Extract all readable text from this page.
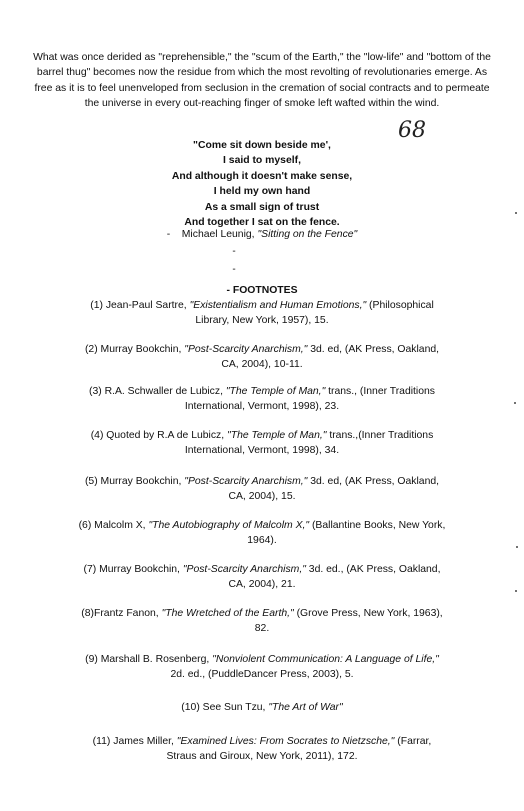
What was once derided as "reprehensible," the "scum of the Earth," the "low-life" and "bottom of the barrel thug" becomes now the residue from which the most revolting of revolutionaries emerge. As free as it is to feel unenveloped from seclusion in the cremation of social contracts and to permeate the universe in every out-reaching finger of smoke left wafted within the wind.

68
"Come sit down beside me',
I said to myself,
And although it doesn't make sense,
I held my own hand
As a small sign of trust
And together I sat on the fence.
- Michael Leunig, "Sitting on the Fence"
-
-
- FOOTNOTES

(1) Jean-Paul Sartre, "Existentialism and Human Emotions," (Philosophical Library, New York, 1957), 15.

(2) Murray Bookchin, "Post-Scarcity Anarchism," 3d. ed, (AK Press, Oakland, CA, 2004), 10-11.

(3) R.A. Schwaller de Lubicz, "The Temple of Man," trans., (Inner Traditions International, Vermont, 1998), 23.

(4) Quoted by R.A de Lubicz, "The Temple of Man," trans.,(Inner Traditions International, Vermont, 1998), 34.

(5) Murray Bookchin, "Post-Scarcity Anarchism," 3d. ed, (AK Press, Oakland, CA, 2004), 15.

(6) Malcolm X, "The Autobiography of Malcolm X," (Ballantine Books, New York, 1964).

(7) Murray Bookchin, "Post-Scarcity Anarchism," 3d. ed., (AK Press, Oakland, CA, 2004), 21.

(8)Frantz Fanon, "The Wretched of the Earth," (Grove Press, New York, 1963), 82.

(9) Marshall B. Rosenberg, "Nonviolent Communication: A Language of Life," 2d. ed., (PuddleDancer Press, 2003), 5.

(10) See Sun Tzu, "The Art of War"

(11) James Miller, "Examined Lives: From Socrates to Nietzsche," (Farrar, Straus and Giroux, New York, 2011), 172.
